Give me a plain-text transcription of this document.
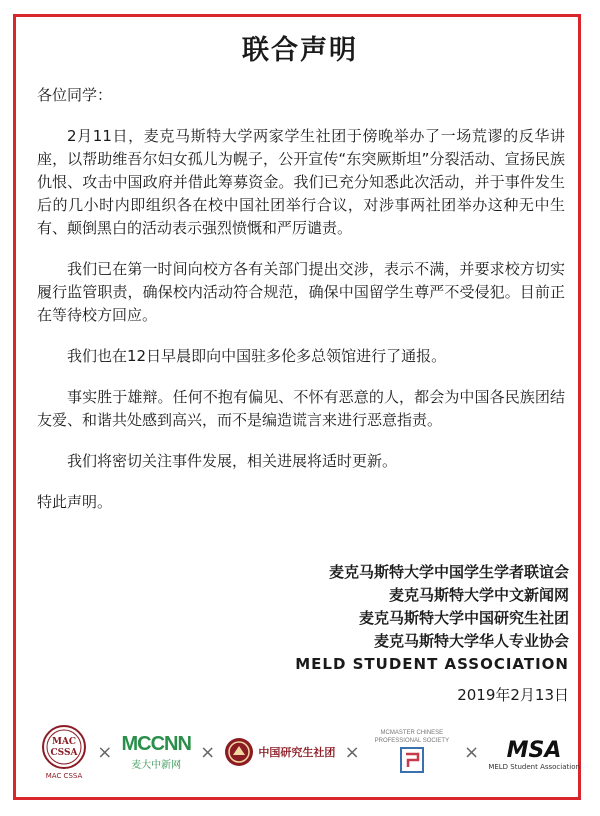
联合声明

各位同学：

2月11日，麦克马斯特大学两家学生社团于傍晚举办了一场荒谬的反华讲座，以帮助维吾尔妇女孤儿为幌子，公开宣传“东突厥斯坦”分裂活动、宣扬民族仇恨、攻击中国政府并借此筹募资金。我们已充分知悉此次活动，并于事件发生后的几小时内即组织各在校中国社团举行合议，对涉事两社团举办这种无中生有、颠倒黑白的活动表示强烈愤慨和严厉谴责。

我们已在第一时间向校方各有关部门提出交涉，表示不满，并要求校方切实履行监管职责，确保校内活动符合规范，确保中国留学生尊严不受侵犯。目前正在等待校方回应。

我们也在12日早晨即向中国驻多伦多总领馆进行了通报。

事实胜于雄辩。任何不抱有偏见、不怀有恶意的人，都会为中国各民族团结友爱、和谐共处感到高兴，而不是编造谎言来进行恶意指责。

我们将密切关注事件发展，相关进展将适时更新。

特此声明。

麦克马斯特大学中国学生学者联谊会
麦克马斯特大学中文新闻网
麦克马斯特大学中国研究生社团
麦克马斯特大学华人专业协会
MELD STUDENT ASSOCIATION
2019年2月13日
MAC
CSSA
MAC CSSA
× MCCNN
麦大中新网
×	中国研究生社团 ×
MCMASTER CHINESE PROFESSIONAL SOCIETY
× MSA
MELD Student Association
